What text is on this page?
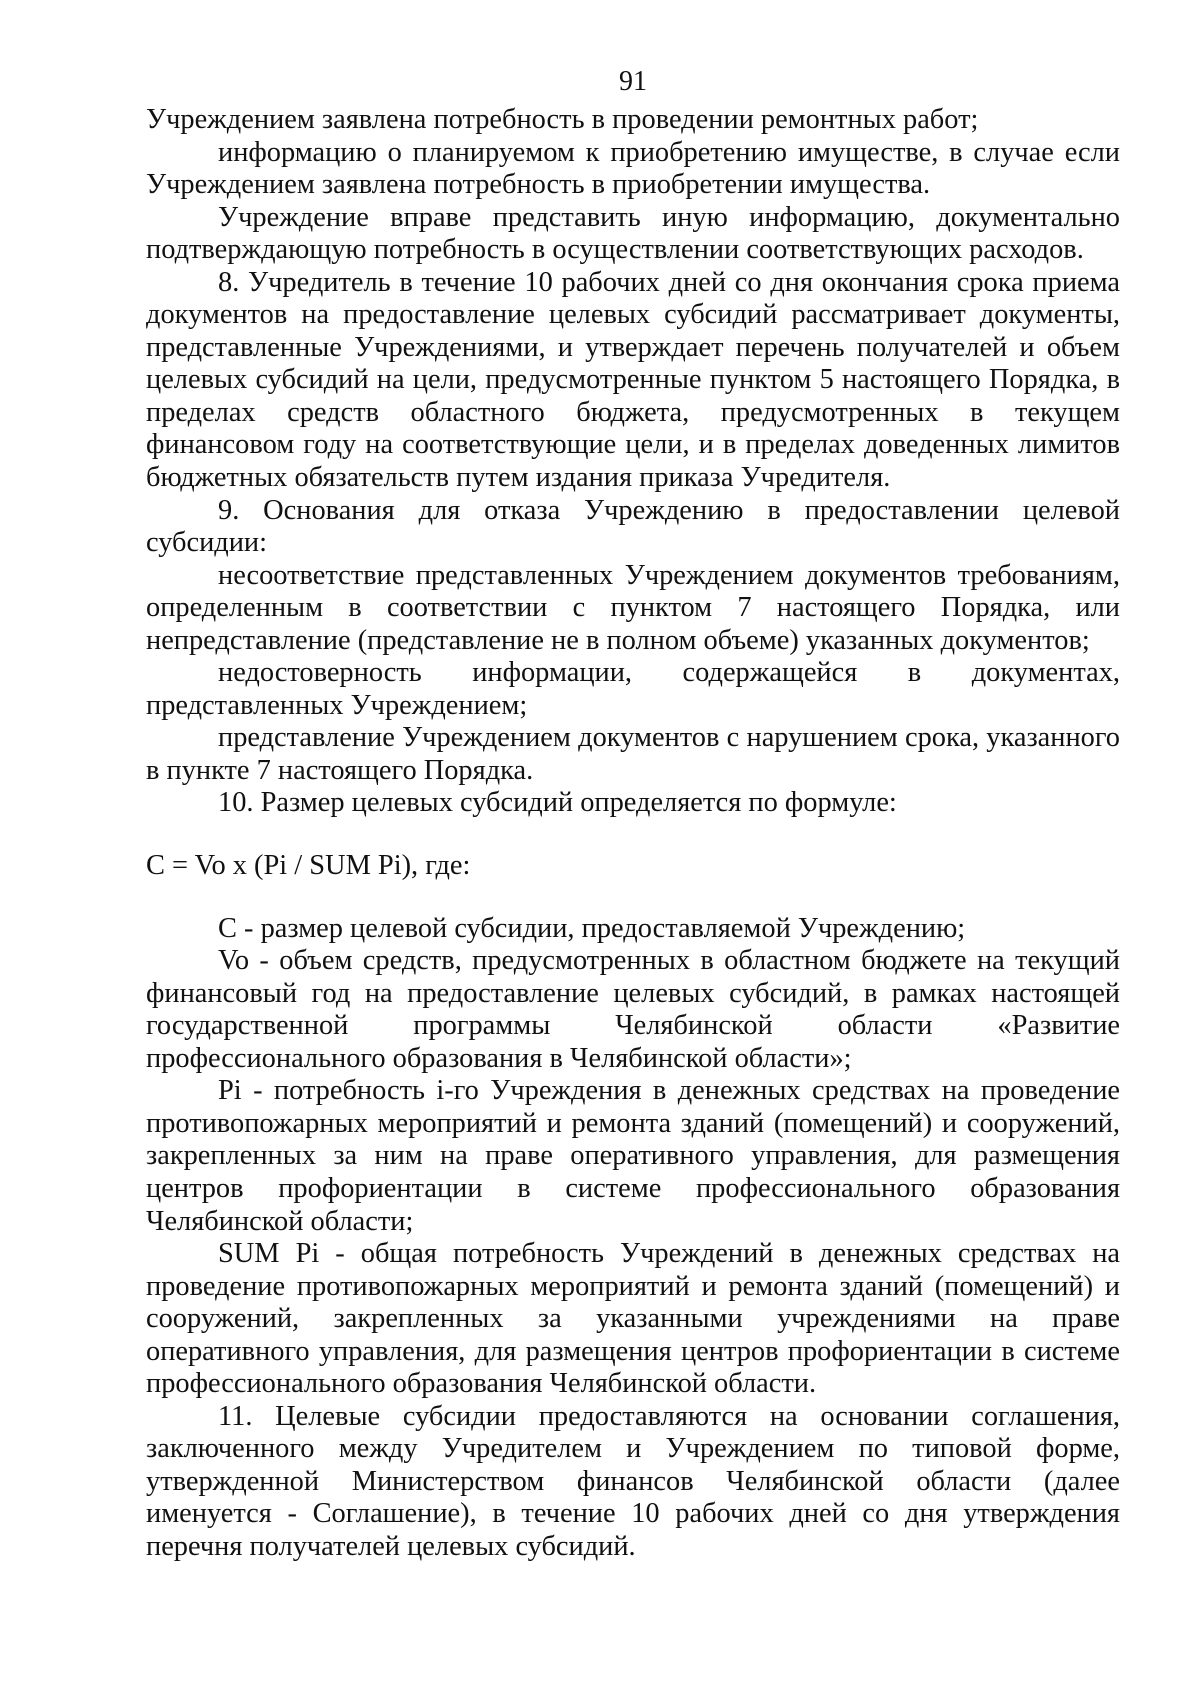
91

Учреждением заявлена потребность в проведении ремонтных работ;

информацию о планируемом к приобретению имуществе, в случае если Учреждением заявлена потребность в приобретении имущества.

Учреждение вправе представить иную информацию, документально подтверждающую потребность в осуществлении соответствующих расходов.

8. Учредитель в течение 10 рабочих дней со дня окончания срока приема документов на предоставление целевых субсидий рассматривает документы, представленные Учреждениями, и утверждает перечень получателей и объем целевых субсидий на цели, предусмотренные пунктом 5 настоящего Порядка, в пределах средств областного бюджета, предусмотренных в текущем финансовом году на соответствующие цели, и в пределах доведенных лимитов бюджетных обязательств путем издания приказа Учредителя.

9. Основания для отказа Учреждению в предоставлении целевой субсидии:

несоответствие представленных Учреждением документов требованиям, определенным в соответствии с пунктом 7 настоящего Порядка, или непредставление (представление не в полном объеме) указанных документов;

недостоверность информации, содержащейся в документах, представленных Учреждением;

представление Учреждением документов с нарушением срока, указанного в пункте 7 настоящего Порядка.

10. Размер целевых субсидий определяется по формуле:

C = Vo x (Pi / SUM Pi), где:

C - размер целевой субсидии, предоставляемой Учреждению;

Vo - объем средств, предусмотренных в областном бюджете на текущий финансовый год на предоставление целевых субсидий, в рамках настоящей государственной программы Челябинской области «Развитие профессионального образования в Челябинской области»;

Pi - потребность i-го Учреждения в денежных средствах на проведение противопожарных мероприятий и ремонта зданий (помещений) и сооружений, закрепленных за ним на праве оперативного управления, для размещения центров профориентации в системе профессионального образования Челябинской области;

SUM Pi - общая потребность Учреждений в денежных средствах на проведение противопожарных мероприятий и ремонта зданий (помещений) и сооружений, закрепленных за указанными учреждениями на праве оперативного управления, для размещения центров профориентации в системе профессионального образования Челябинской области.

11. Целевые субсидии предоставляются на основании соглашения, заключенного между Учредителем и Учреждением по типовой форме, утвержденной Министерством финансов Челябинской области (далее именуется - Соглашение), в течение 10 рабочих дней со дня утверждения перечня получателей целевых субсидий.
